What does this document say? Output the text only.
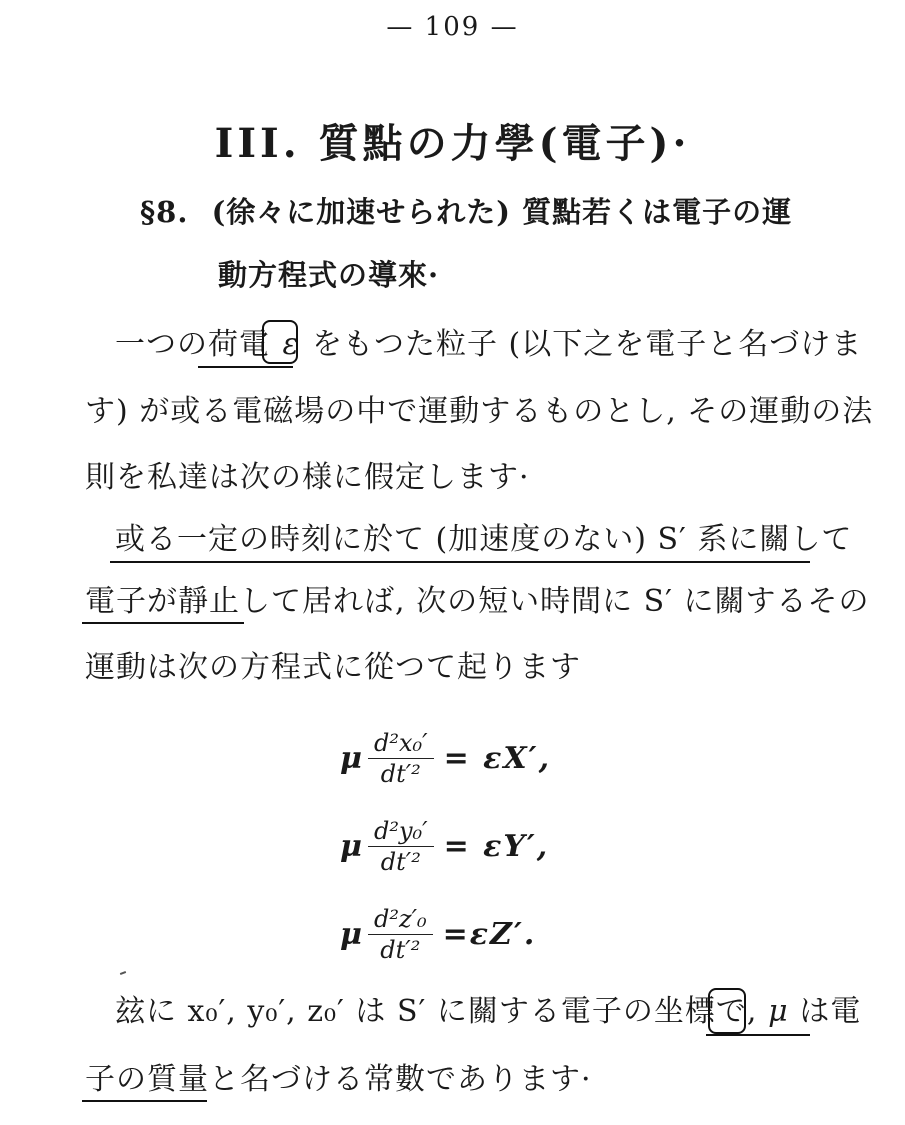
— 109 —
III. 質點の力學(電子)·
§8. (徐々に加速せられた) 質點若くは電子の運
動方程式の導來·
一つの荷電 ε をもつた粒子 (以下之を電子と名づけま
す) が或る電磁場の中で運動するものとし, その運動の法
則を私達は次の様に假定します·
或る一定の時刻に於て (加速度のない) S′ 系に關して
電子が靜止して居れば, 次の短い時間に S′ に關するその
運動は次の方程式に從つて起ります
μ $\frac{\text{d²x₀′}}{\text{dt′²}} = \varepsilon X'$,
μ $\frac{\text{d²y₀′}}{\text{dt′²}} = \varepsilon Y'$,
μ $\frac{\text{d²z′₀}}{\text{dt′²}} =\varepsilon Z'$.
玆に x₀′, y₀′, z₀′ は S′ に關する電子の坐標で, μ は電
子の質量と名づける常數であります·
